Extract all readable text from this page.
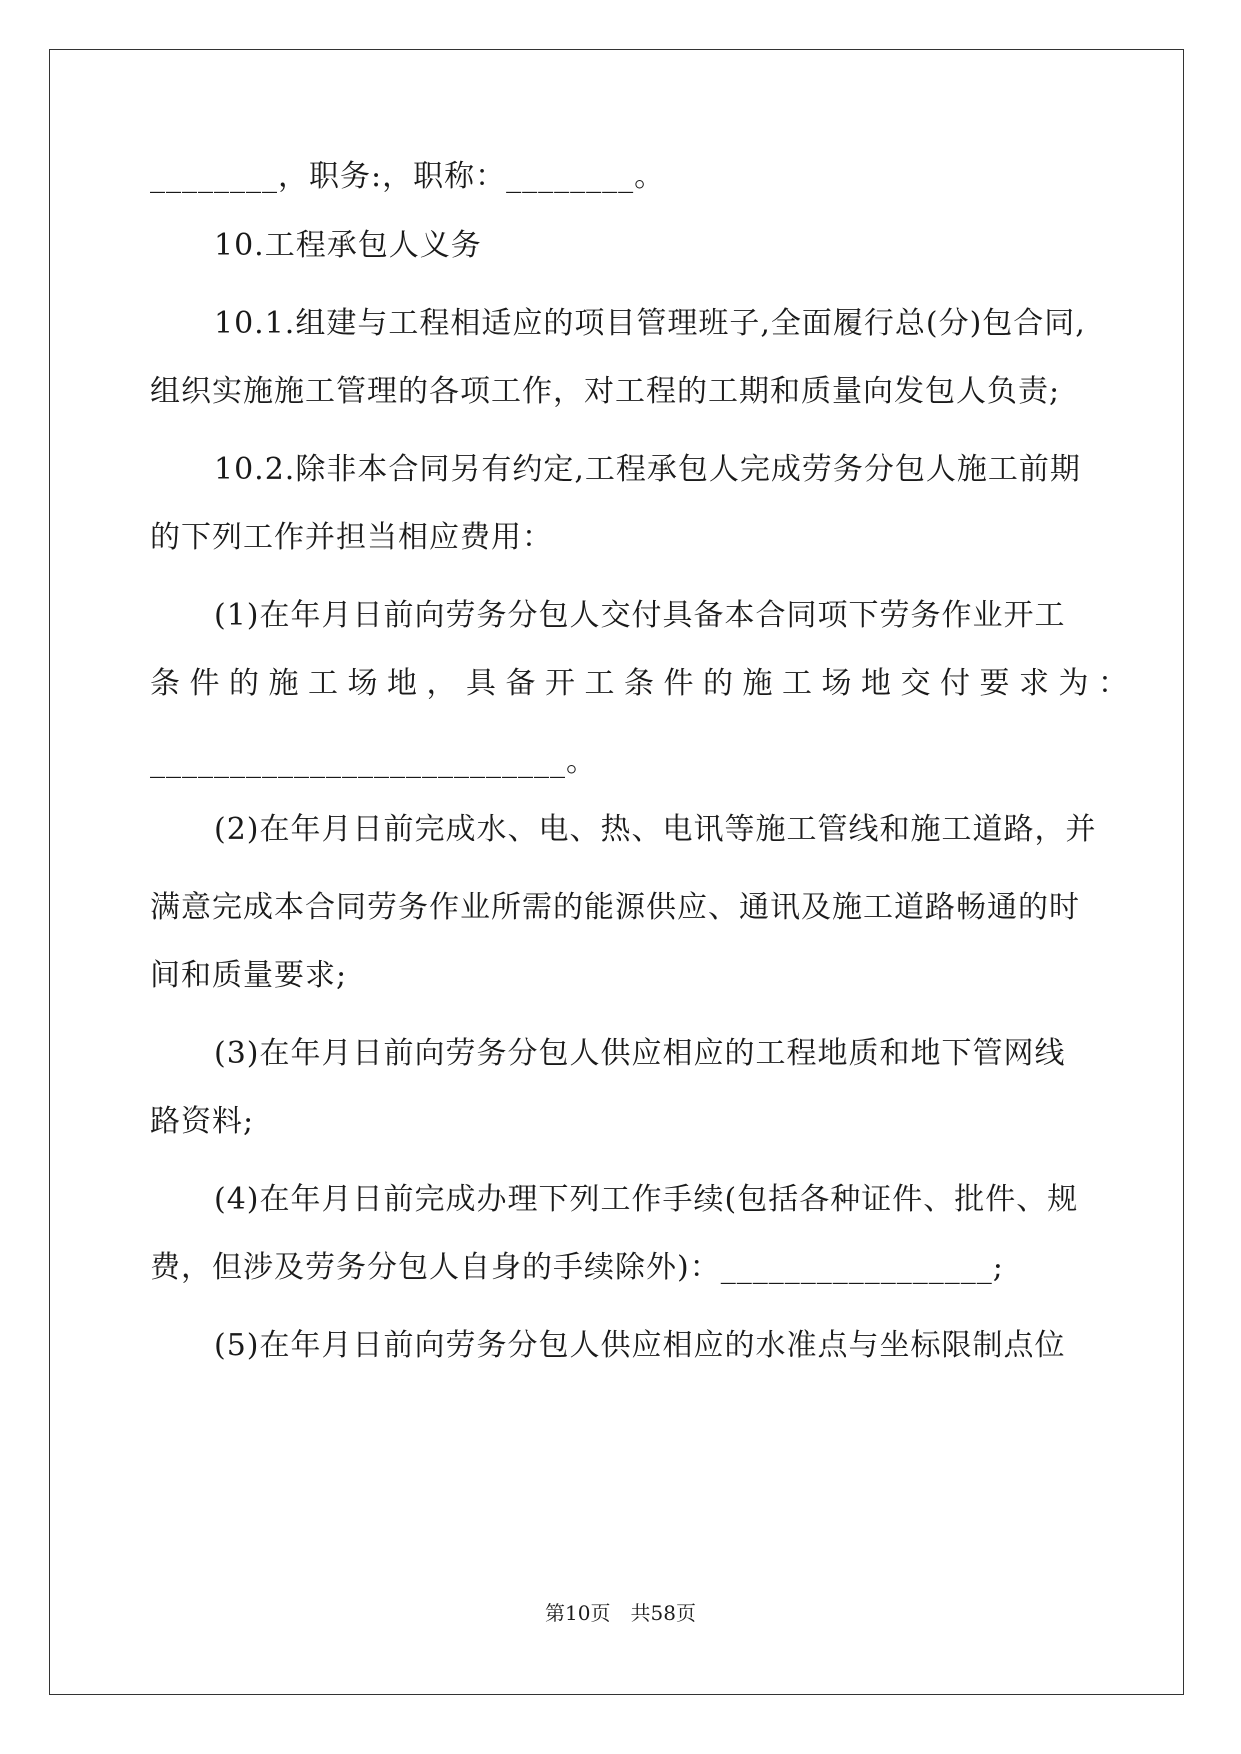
________，职务:，职称：________。
10.工程承包人义务
10.1.组建与工程相适应的项目管理班子,全面履行总(分)包合同,
组织实施施工管理的各项工作，对工程的工期和质量向发包人负责;
10.2.除非本合同另有约定,工程承包人完成劳务分包人施工前期
的下列工作并担当相应费用：
(1)在年月日前向劳务分包人交付具备本合同项下劳务作业开工
条件的施工场地，具备开工条件的施工场地交付要求为：
__________________________。
(2)在年月日前完成水、电、热、电讯等施工管线和施工道路，并
满意完成本合同劳务作业所需的能源供应、通讯及施工道路畅通的时
间和质量要求;
(3)在年月日前向劳务分包人供应相应的工程地质和地下管网线
路资料;
(4)在年月日前完成办理下列工作手续(包括各种证件、批件、规
费，但涉及劳务分包人自身的手续除外)：_________________;
(5)在年月日前向劳务分包人供应相应的水准点与坐标限制点位
第10页　共58页
